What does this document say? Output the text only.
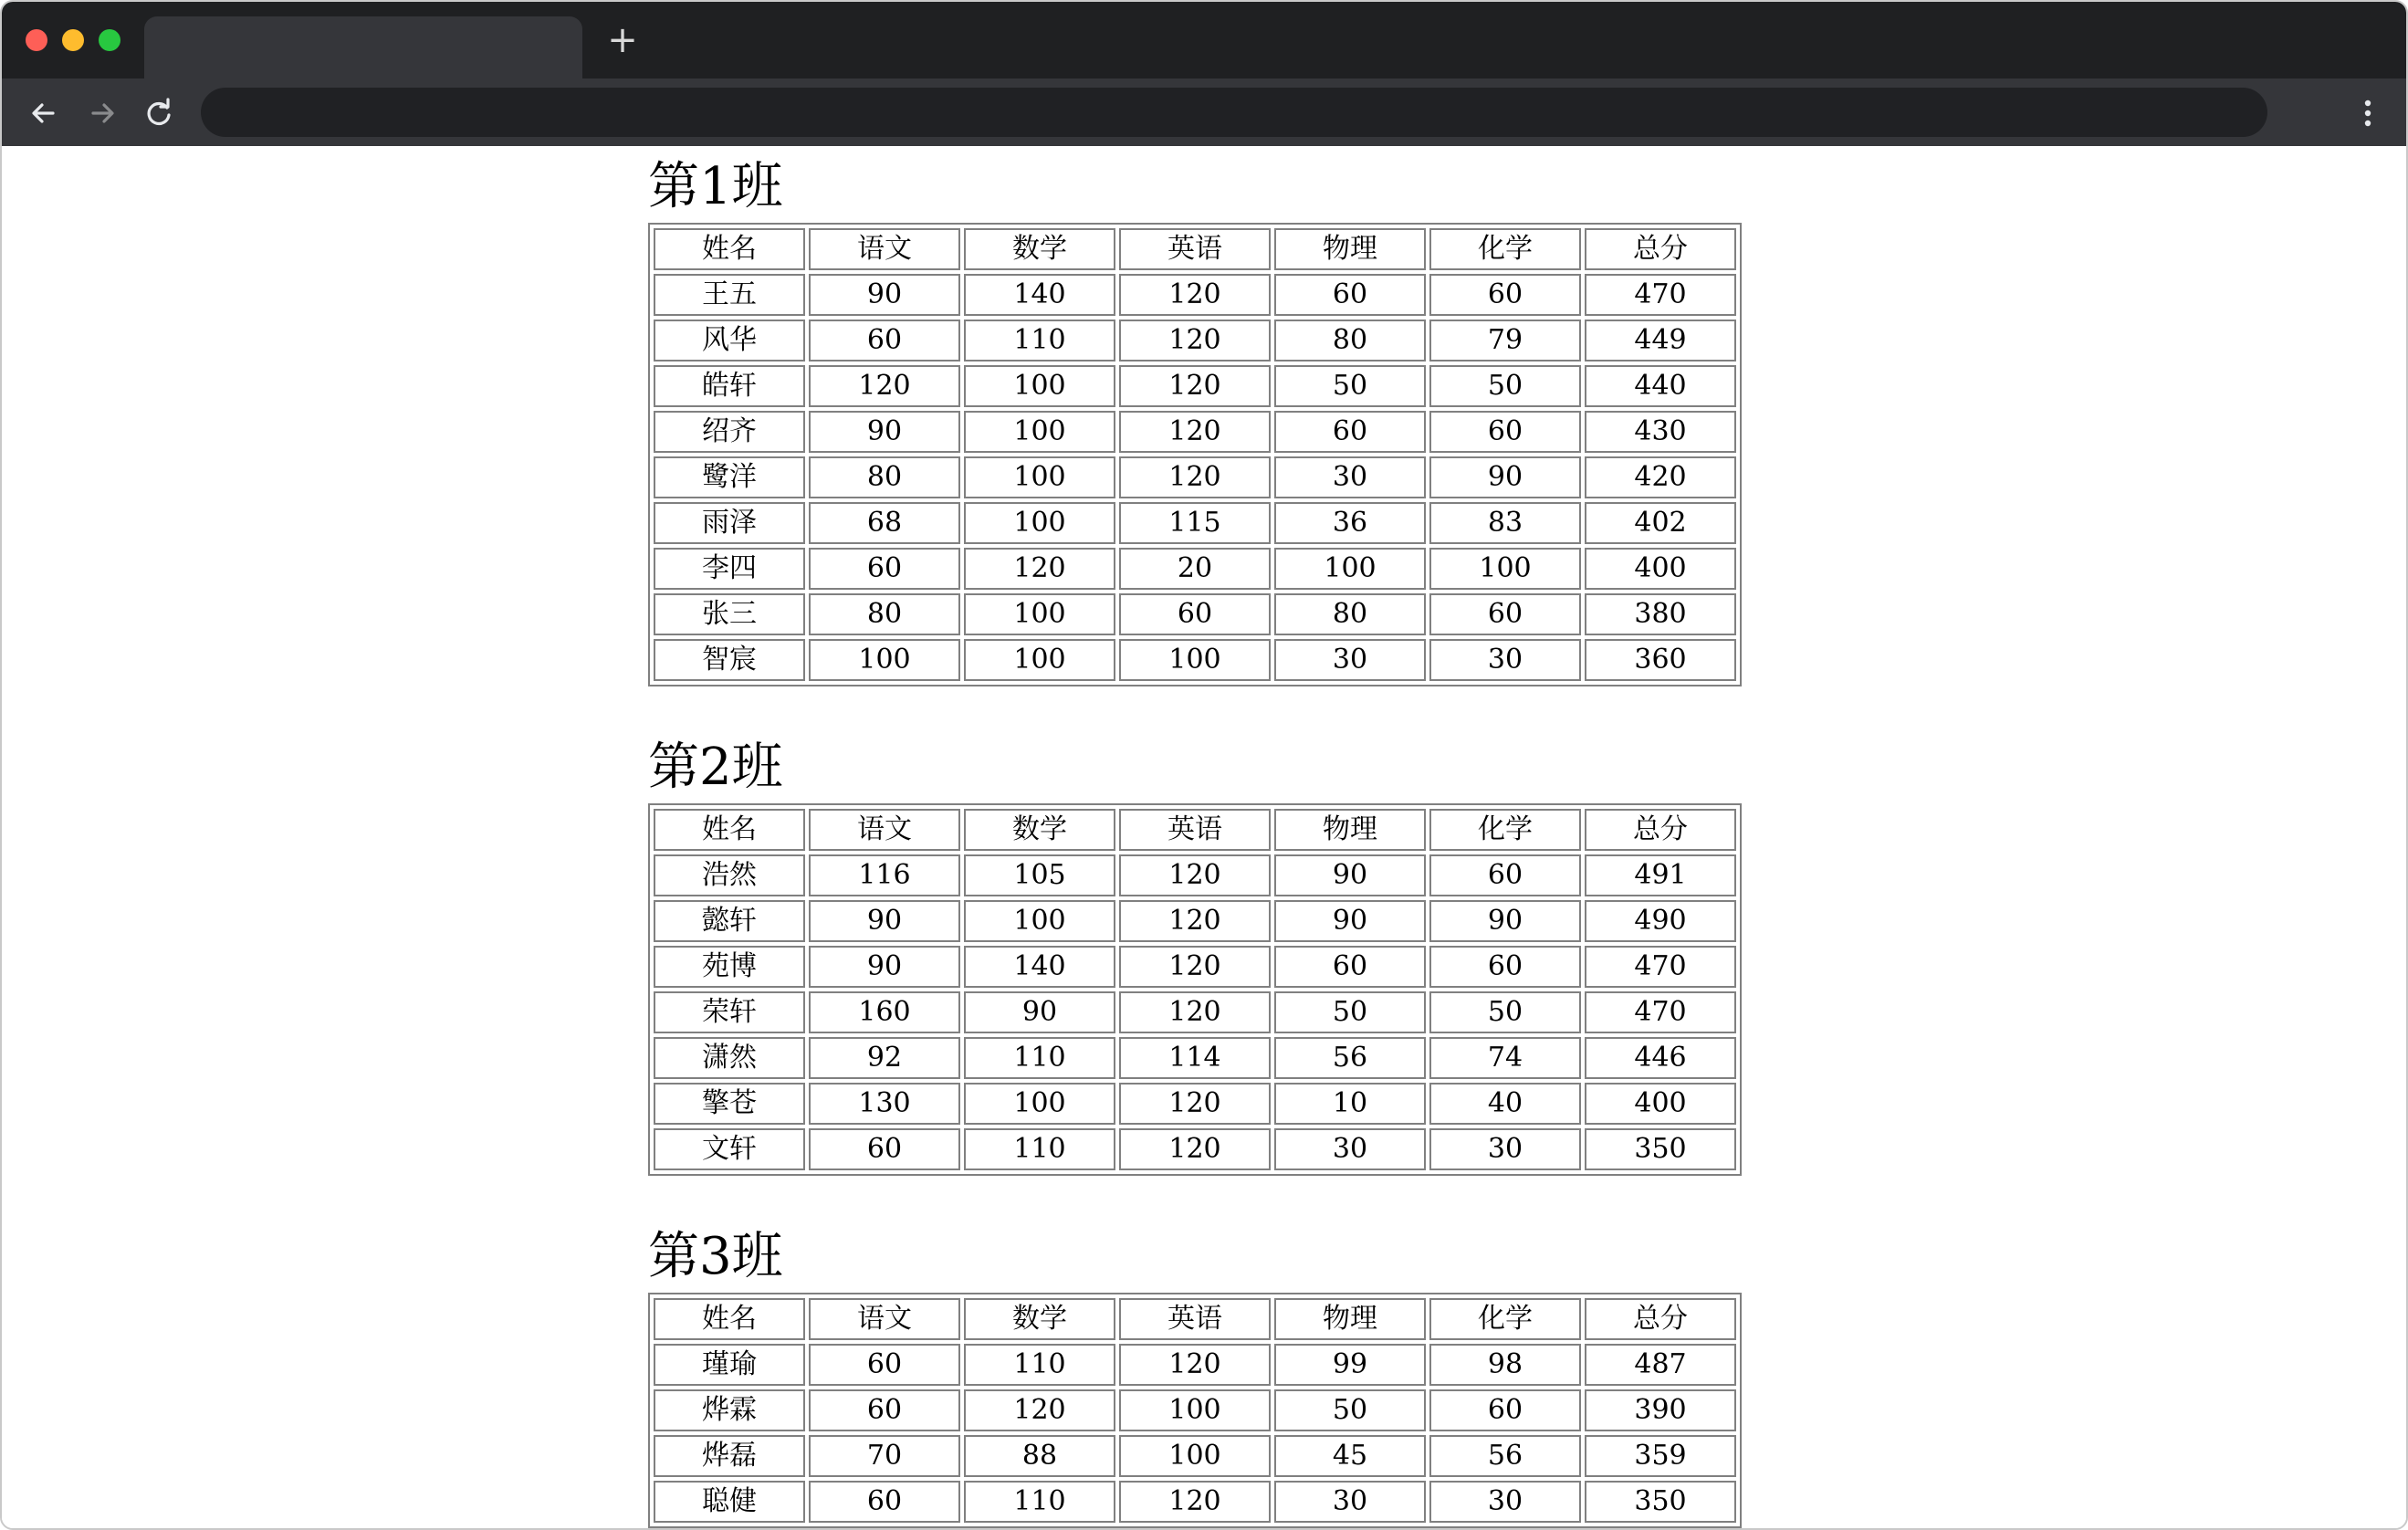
+
第1班
姓名	语文	数学	英语	物理	化学	总分
王五	90	140	120	60	60	470
风华	60	110	120	80	79	449
皓轩	120	100	120	50	50	440
绍齐	90	100	120	60	60	430
鹭洋	80	100	120	30	90	420
雨泽	68	100	115	36	83	402
李四	60	120	20	100	100	400
张三	80	100	60	80	60	380
智宸	100	100	100	30	30	360
第2班
姓名	语文	数学	英语	物理	化学	总分
浩然	116	105	120	90	60	491
懿轩	90	100	120	90	90	490
苑博	90	140	120	60	60	470
荣轩	160	90	120	50	50	470
潇然	92	110	114	56	74	446
擎苍	130	100	120	10	40	400
文轩	60	110	120	30	30	350
第3班
姓名	语文	数学	英语	物理	化学	总分
瑾瑜	60	110	120	99	98	487
烨霖	60	120	100	50	60	390
烨磊	70	88	100	45	56	359
聪健	60	110	120	30	30	350
